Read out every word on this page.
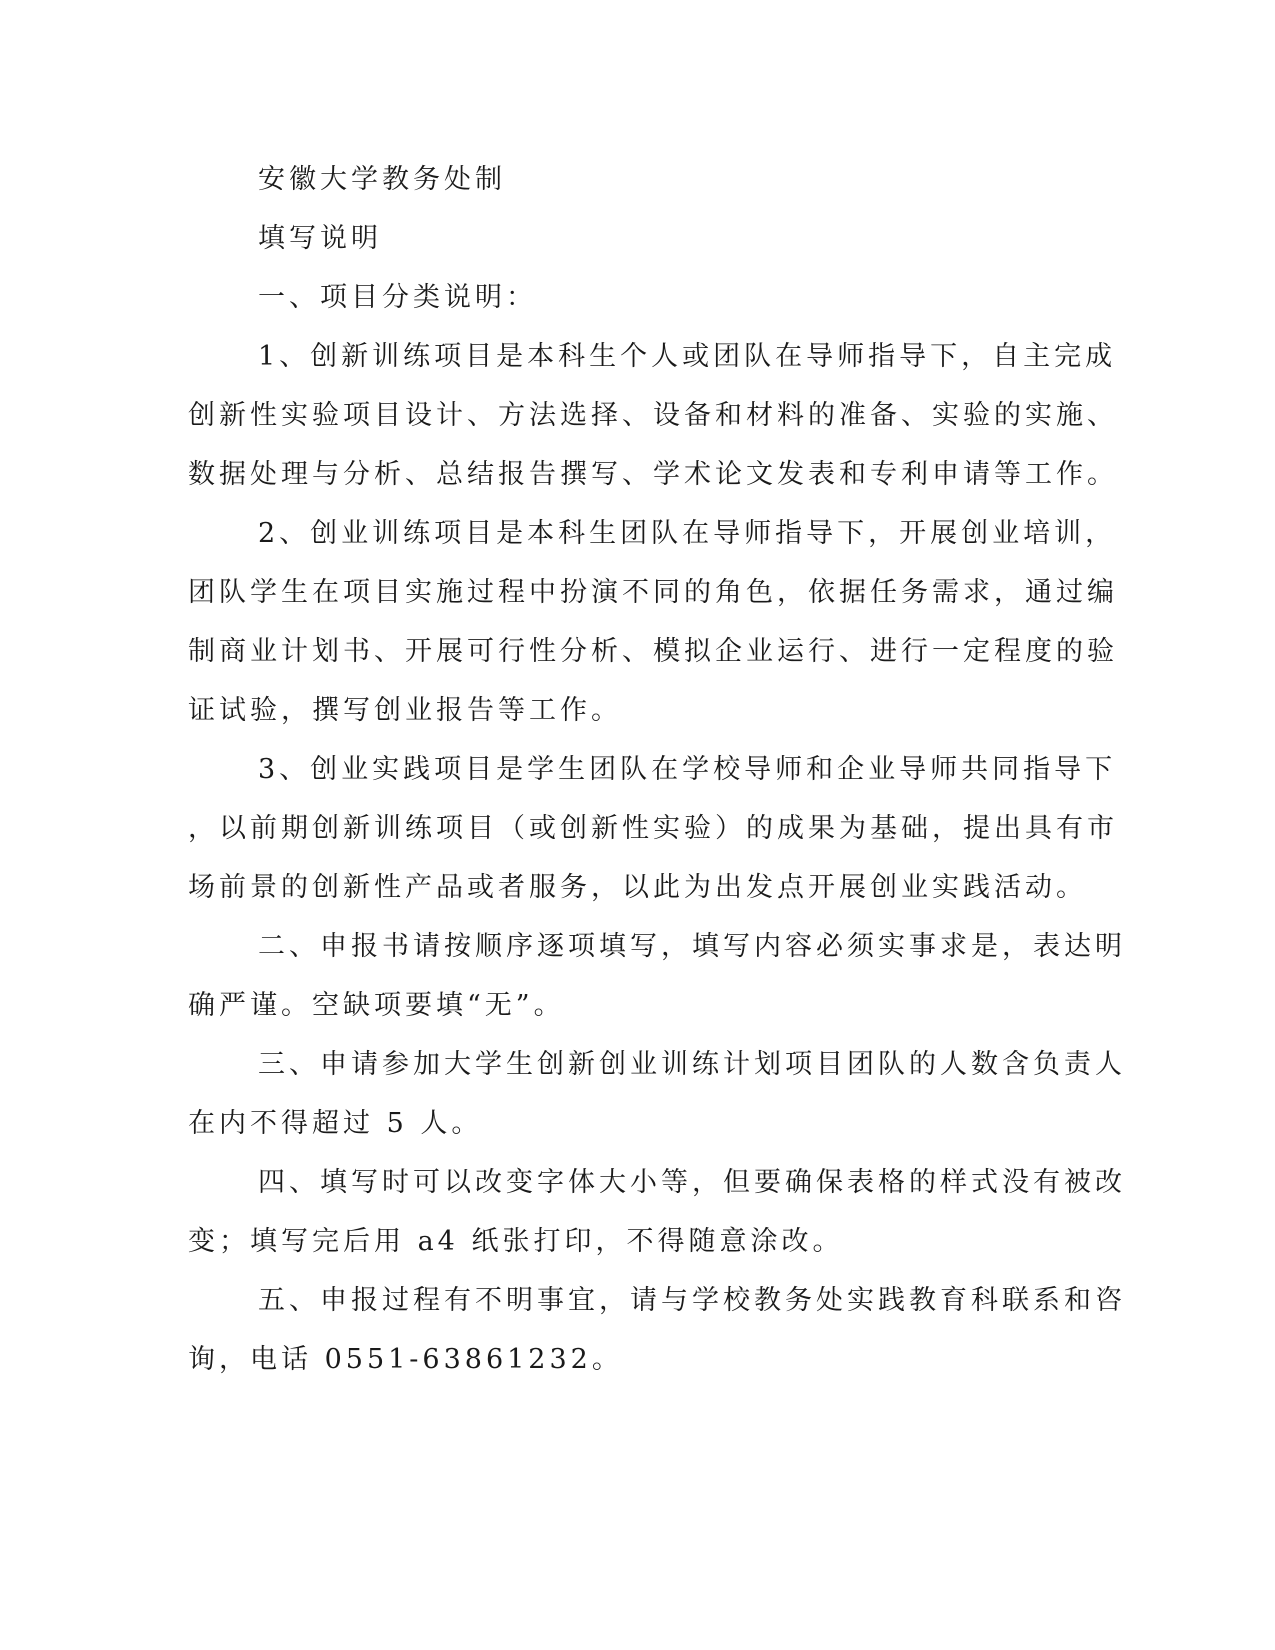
安徽大学教务处制
填写说明
一、项目分类说明：
1、创新训练项目是本科生个人或团队在导师指导下，自主完成
创新性实验项目设计、方法选择、设备和材料的准备、实验的实施、
数据处理与分析、总结报告撰写、学术论文发表和专利申请等工作。
2、创业训练项目是本科生团队在导师指导下，开展创业培训，
团队学生在项目实施过程中扮演不同的角色，依据任务需求，通过编
制商业计划书、开展可行性分析、模拟企业运行、进行一定程度的验
证试验，撰写创业报告等工作。
3、创业实践项目是学生团队在学校导师和企业导师共同指导下
，以前期创新训练项目（或创新性实验）的成果为基础，提出具有市
场前景的创新性产品或者服务，以此为出发点开展创业实践活动。
二、申报书请按顺序逐项填写，填写内容必须实事求是，表达明
确严谨。空缺项要填“无”。
三、申请参加大学生创新创业训练计划项目团队的人数含负责人
在内不得超过 5 人。
四、填写时可以改变字体大小等，但要确保表格的样式没有被改
变；填写完后用 a4 纸张打印，不得随意涂改。
五、申报过程有不明事宜，请与学校教务处实践教育科联系和咨
询，电话 0551-63861232。
